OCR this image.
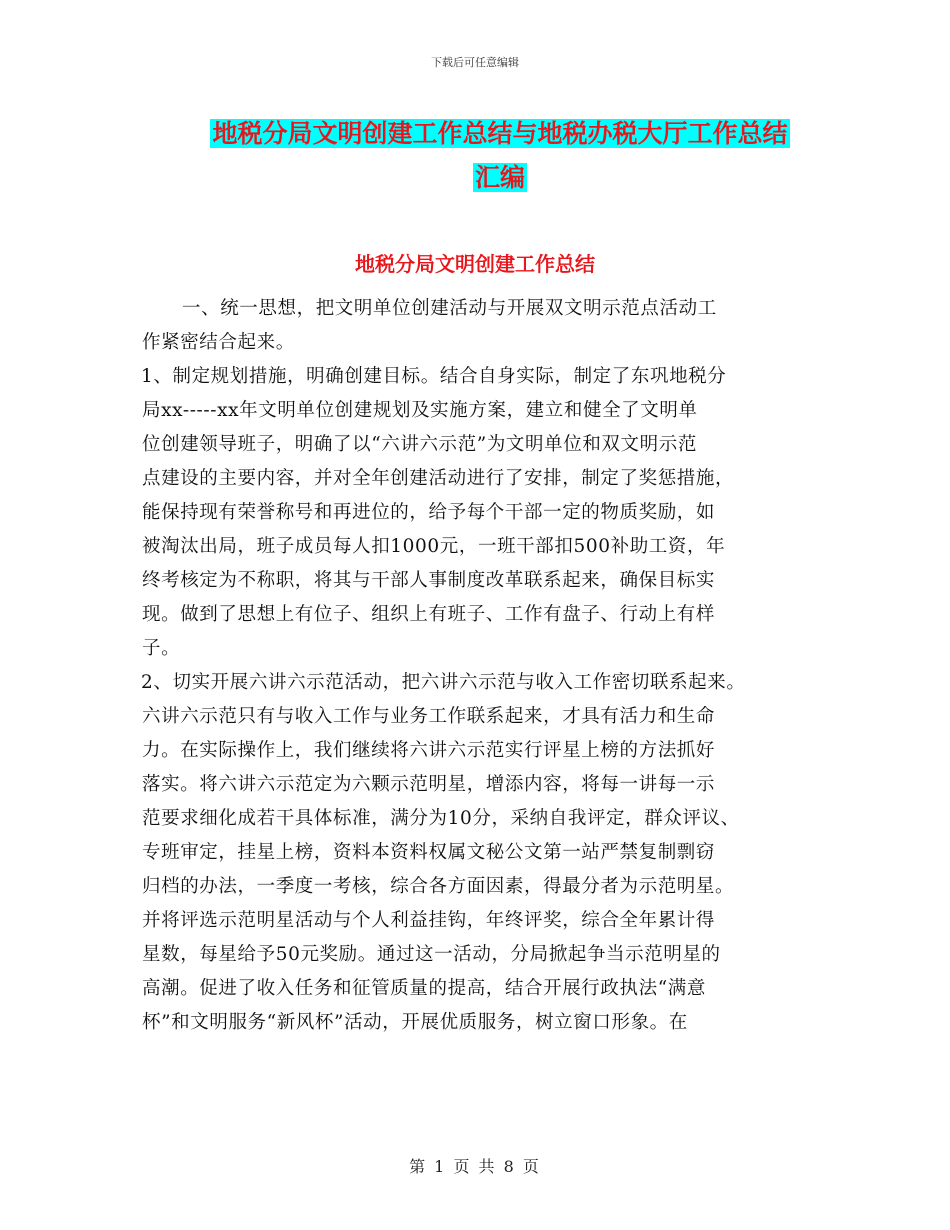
下载后可任意编辑
地税分局文明创建工作总结与地税办税大厅工作总结
汇编
地税分局文明创建工作总结
一、统一思想，把文明单位创建活动与开展双文明示范点活动工
作紧密结合起来。
1、制定规划措施，明确创建目标。结合自身实际，制定了东巩地税分
局xx-----xx年文明单位创建规划及实施方案，建立和健全了文明单
位创建领导班子，明确了以“六讲六示范”为文明单位和双文明示范
点建设的主要内容，并对全年创建活动进行了安排，制定了奖惩措施，
能保持现有荣誉称号和再进位的，给予每个干部一定的物质奖励，如
被淘汰出局，班子成员每人扣1000元，一班干部扣500补助工资，年
终考核定为不称职，将其与干部人事制度改革联系起来，确保目标实
现。做到了思想上有位子、组织上有班子、工作有盘子、行动上有样
子。
2、切实开展六讲六示范活动，把六讲六示范与收入工作密切联系起来。
六讲六示范只有与收入工作与业务工作联系起来，才具有活力和生命
力。在实际操作上，我们继续将六讲六示范实行评星上榜的方法抓好
落实。将六讲六示范定为六颗示范明星，增添内容，将每一讲每一示
范要求细化成若干具体标准，满分为10分，采纳自我评定，群众评议、
专班审定，挂星上榜，资料本资料权属文秘公文第一站严禁复制剽窃
归档的办法，一季度一考核，综合各方面因素，得最分者为示范明星。
并将评选示范明星活动与个人利益挂钩，年终评奖，综合全年累计得
星数，每星给予50元奖励。通过这一活动，分局掀起争当示范明星的
高潮。促进了收入任务和征管质量的提高，结合开展行政执法“满意
杯”和文明服务“新风杯”活动，开展优质服务，树立窗口形象。在
第 1 页 共 8 页
